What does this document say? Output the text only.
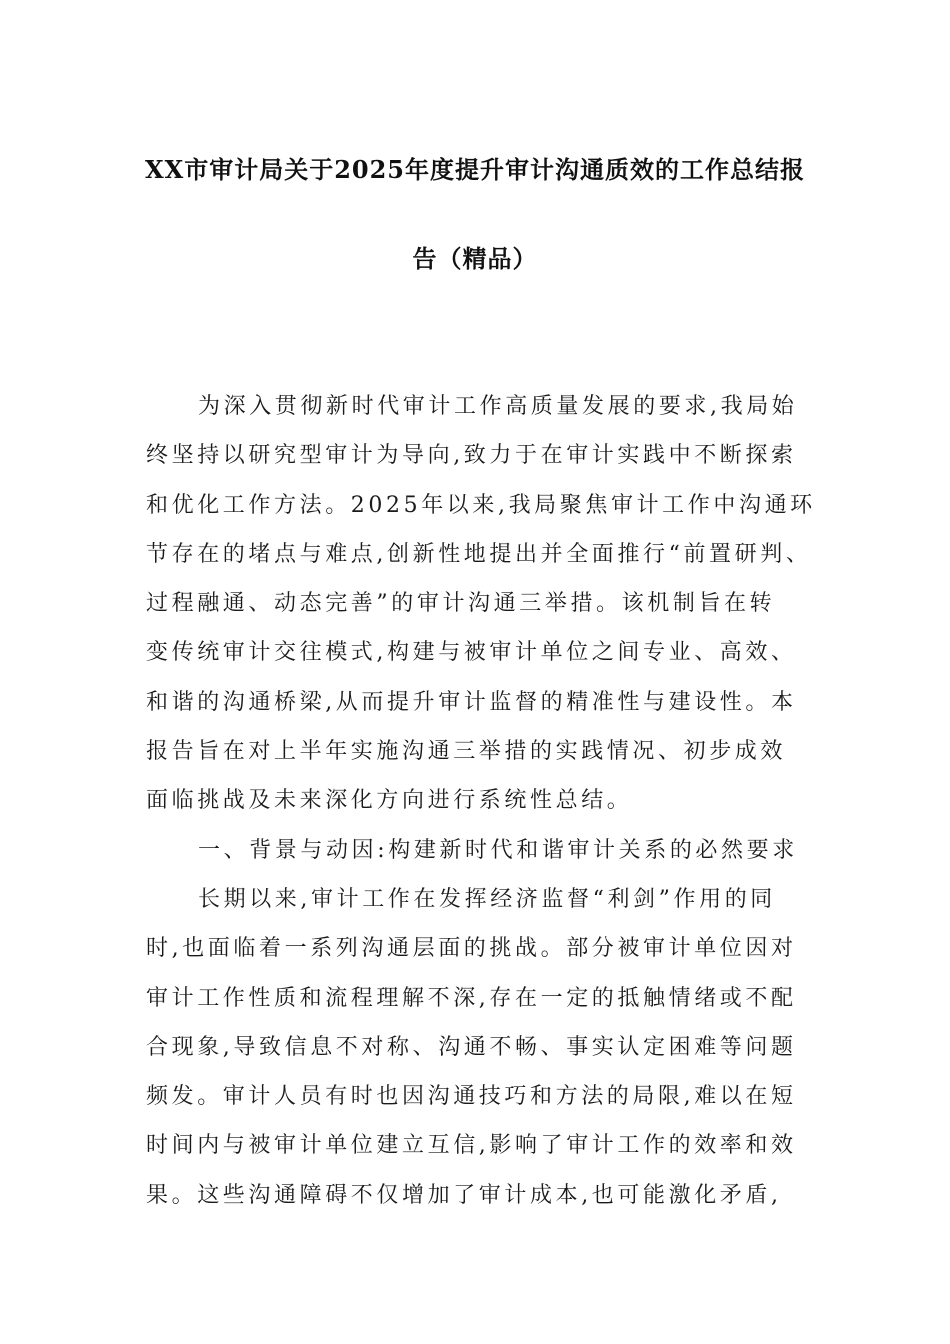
XX市审计局关于2025年度提升审计沟通质效的工作总结报
告（精品）
为深入贯彻新时代审计工作高质量发展的要求,我局始
终坚持以研究型审计为导向,致力于在审计实践中不断探索
和优化工作方法。2025年以来,我局聚焦审计工作中沟通环
节存在的堵点与难点,创新性地提出并全面推行“前置研判、
过程融通、动态完善”的审计沟通三举措。该机制旨在转
变传统审计交往模式,构建与被审计单位之间专业、高效、
和谐的沟通桥梁,从而提升审计监督的精准性与建设性。本
报告旨在对上半年实施沟通三举措的实践情况、初步成效
面临挑战及未来深化方向进行系统性总结。
一、背景与动因:构建新时代和谐审计关系的必然要求
长期以来,审计工作在发挥经济监督“利剑”作用的同
时,也面临着一系列沟通层面的挑战。部分被审计单位因对
审计工作性质和流程理解不深,存在一定的抵触情绪或不配
合现象,导致信息不对称、沟通不畅、事实认定困难等问题
频发。审计人员有时也因沟通技巧和方法的局限,难以在短
时间内与被审计单位建立互信,影响了审计工作的效率和效
果。这些沟通障碍不仅增加了审计成本,也可能激化矛盾,
